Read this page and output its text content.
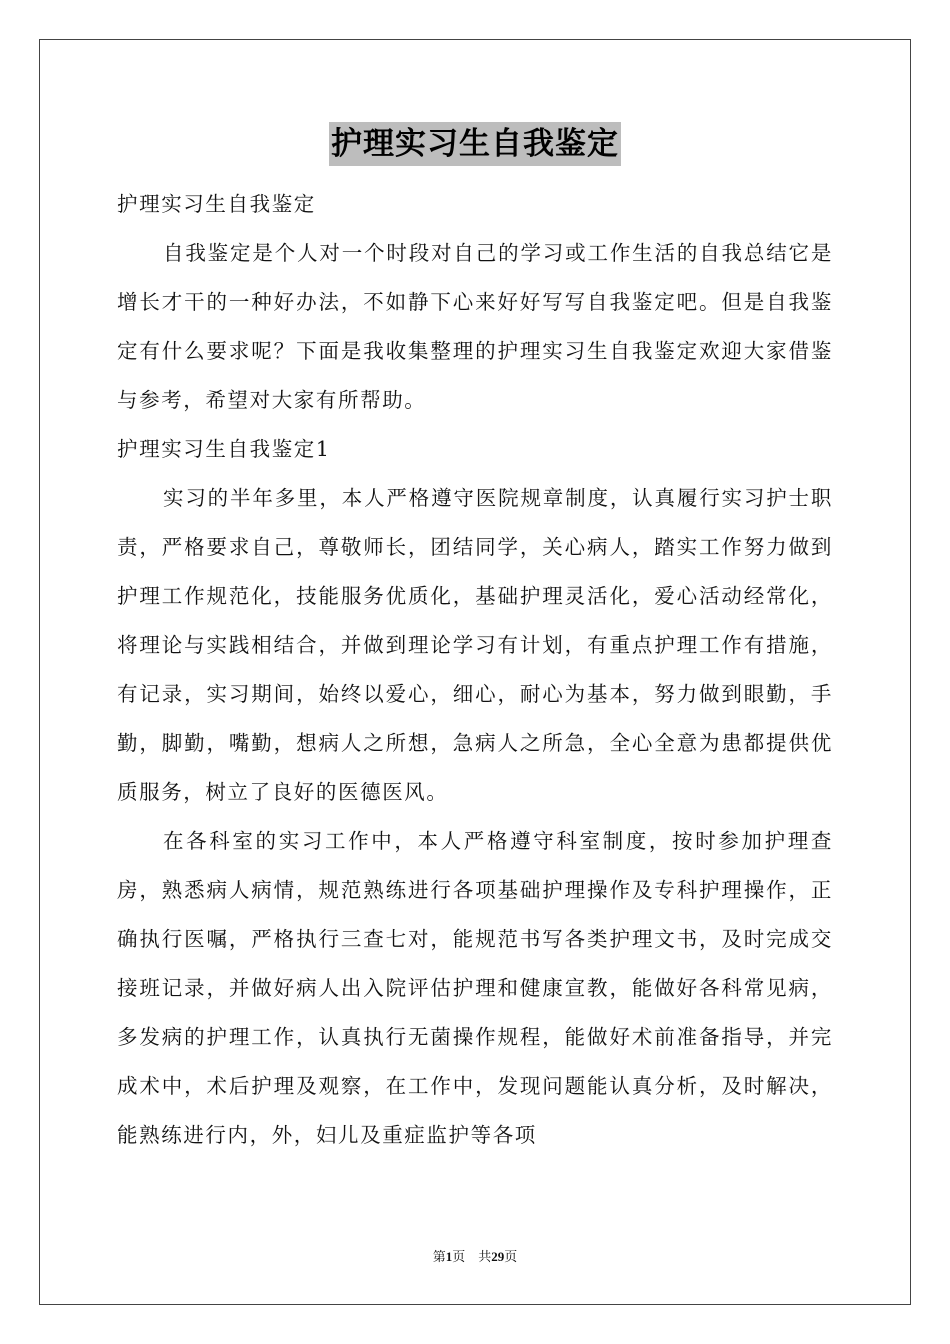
护理实习生自我鉴定

护理实习生自我鉴定

自我鉴定是个人对一个时段对自己的学习或工作生活的自我总结它是增长才干的一种好办法，不如静下心来好好写写自我鉴定吧。但是自我鉴定有什么要求呢？下面是我收集整理的护理实习生自我鉴定欢迎大家借鉴与参考，希望对大家有所帮助。

护理实习生自我鉴定1

实习的半年多里，本人严格遵守医院规章制度，认真履行实习护士职责，严格要求自己，尊敬师长，团结同学，关心病人，踏实工作努力做到护理工作规范化，技能服务优质化，基础护理灵活化，爱心活动经常化，将理论与实践相结合，并做到理论学习有计划，有重点护理工作有措施，有记录，实习期间，始终以爱心，细心，耐心为基本，努力做到眼勤，手勤，脚勤，嘴勤，想病人之所想，急病人之所急，全心全意为患都提供优质服务，树立了良好的医德医风。

在各科室的实习工作中，本人严格遵守科室制度，按时参加护理查房，熟悉病人病情，规范熟练进行各项基础护理操作及专科护理操作，正确执行医嘱，严格执行三查七对，能规范书写各类护理文书，及时完成交接班记录，并做好病人出入院评估护理和健康宣教，能做好各科常见病，多发病的护理工作，认真执行无菌操作规程，能做好术前准备指导，并完成术中，术后护理及观察，在工作中，发现问题能认真分析，及时解决，能熟练进行内，外，妇儿及重症监护等各项

第1页　共29页
